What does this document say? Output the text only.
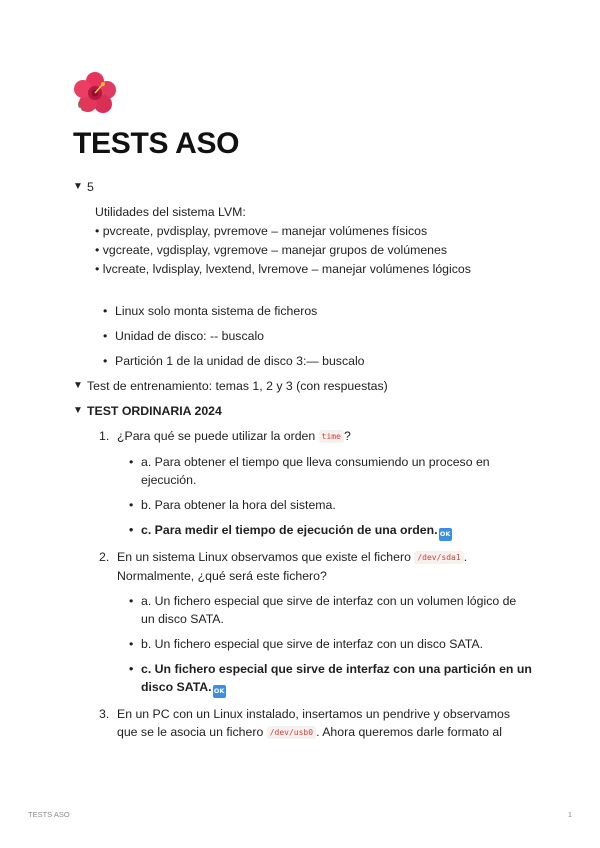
TESTS ASO
▼ 5
Utilidades del sistema LVM:
• pvcreate, pvdisplay, pvremove – manejar volúmenes físicos
• vgcreate, vgdisplay, vgremove – manejar grupos de volúmenes
• lvcreate, lvdisplay, lvextend, lvremove – manejar volúmenes lógicos
• Linux solo monta sistema de ficheros
• Unidad de disco: -- buscalo
• Partición 1 de la unidad de disco 3:— buscalo
▼ Test de entrenamiento: temas 1, 2 y 3 (con respuestas)
▼ TEST ORDINARIA 2024
1. ¿Para qué se puede utilizar la orden time ?
• a. Para obtener el tiempo que lleva consumiendo un proceso en ejecución.
• b. Para obtener la hora del sistema.
• c. Para medir el tiempo de ejecución de una orden. OK
2. En un sistema Linux observamos que existe el fichero /dev/sda1 . Normalmente, ¿qué será este fichero?
• a. Un fichero especial que sirve de interfaz con un volumen lógico de un disco SATA.
• b. Un fichero especial que sirve de interfaz con un disco SATA.
• c. Un fichero especial que sirve de interfaz con una partición en un disco SATA. OK
3. En un PC con un Linux instalado, insertamos un pendrive y observamos que se le asocia un fichero /dev/usb0 . Ahora queremos darle formato al
TESTS ASO	1
